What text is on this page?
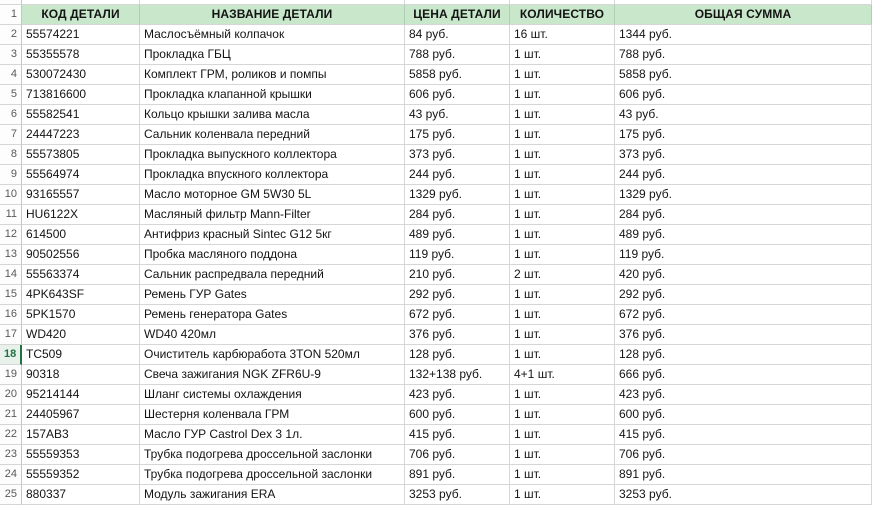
1	КОД ДЕТАЛИ	НАЗВАНИЕ ДЕТАЛИ	ЦЕНА ДЕТАЛИ	КОЛИЧЕСТВО	ОБЩАЯ СУММА
2 55574221	Маслосъёмный колпачок	84 руб.	16 шт.	1344 руб.
3 55355578	Прокладка ГБЦ	788 руб.	1 шт.	788 руб.
4 530072430	Комплект ГРМ, роликов и помпы	5858 руб.	1 шт.	5858 руб.
5 713816600	Прокладка клапанной крышки	606 руб.	1 шт.	606 руб.
6 55582541	Кольцо крышки залива масла	43 руб.	1 шт.	43 руб.
7 24447223	Сальник коленвала передний	175 руб.	1 шт.	175 руб.
8 55573805	Прокладка выпускного коллектора	373 руб.	1 шт.	373 руб.
9 55564974	Прокладка впускного коллектора	244 руб.	1 шт.	244 руб.
10 93165557	Масло моторное GM 5W30 5L	1329 руб.	1 шт.	1329 руб.
11 HU6122X	Масляный фильтр Mann-Filter	284 руб.	1 шт.	284 руб.
12 614500	Антифриз красный Sintec G12 5кг	489 руб.	1 шт.	489 руб.
13 90502556	Пробка масляного поддона	119 руб.	1 шт.	119 руб.
14 55563374	Сальник распредвала передний	210 руб.	2 шт.	420 руб.
15 4PK643SF	Ремень ГУР Gates	292 руб.	1 шт.	292 руб.
16 5PK1570	Ремень генератора Gates	672 руб.	1 шт.	672 руб.
17 WD420	WD40 420мл	376 руб.	1 шт.	376 руб.
18 TC509	Очиститель карбюработа 3TON 520мл	128 руб.	1 шт.	128 руб.
19 90318	Свеча зажигания NGK ZFR6U-9	132+138 руб.	4+1 шт.	666 руб.
20 95214144	Шланг системы охлаждения	423 руб.	1 шт.	423 руб.
21 24405967	Шестерня коленвала ГРМ	600 руб.	1 шт.	600 руб.
22 157AB3	Масло ГУР Castrol Dex 3 1л.	415 руб.	1 шт.	415 руб.
23 55559353	Трубка подогрева дроссельной заслонки	706 руб.	1 шт.	706 руб.
24 55559352	Трубка подогрева дроссельной заслонки	891 руб.	1 шт.	891 руб.
25 880337	Модуль зажигания ERA	3253 руб.	1 шт.	3253 руб.
